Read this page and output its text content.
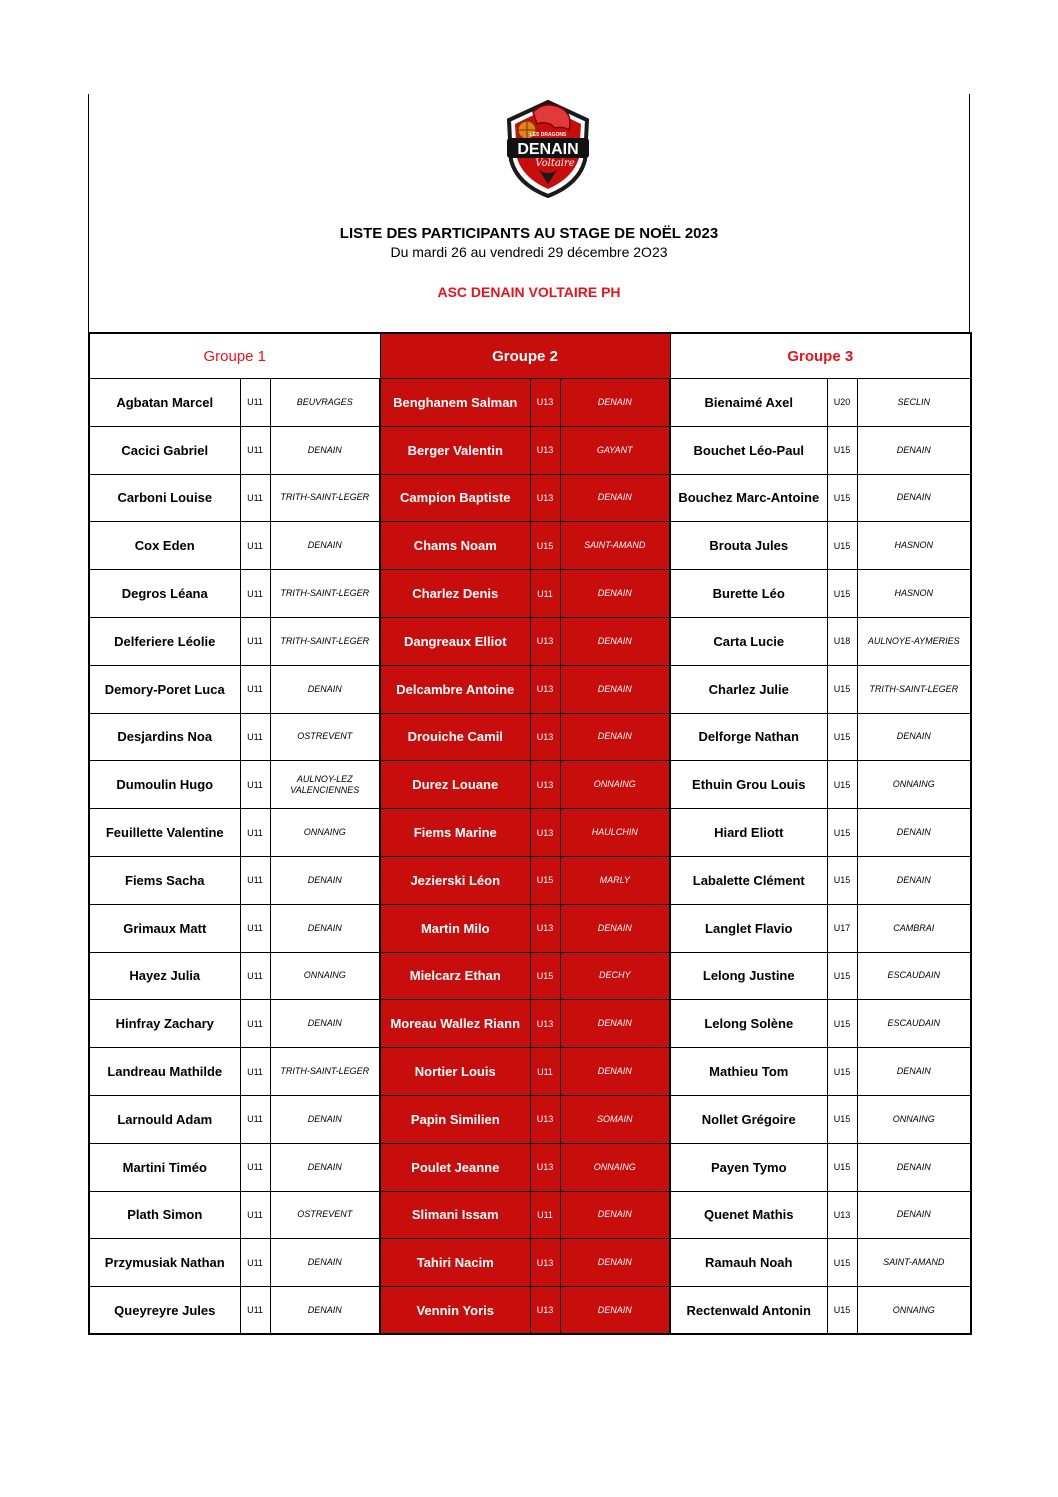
DENAIN
LES DRAGONS
Voltaire
LISTE DES PARTICIPANTS AU STAGE DE NOËL 2023
Du mardi 26 au vendredi 29 décembre 2O23
ASC DENAIN VOLTAIRE PH
Groupe 1			Groupe 2			Groupe 3		
Agbatan Marcel	U11	BEUVRAGES	Benghanem Salman	U13	DENAIN	Bienaimé Axel	U20	SECLIN
Cacici Gabriel	U11	DENAIN	Berger Valentin	U13	GAYANT	Bouchet Léo-Paul	U15	DENAIN
Carboni Louise	U11	TRITH-SAINT-LEGER	Campion Baptiste	U13	DENAIN	Bouchez Marc-Antoine	U15	DENAIN
Cox Eden	U11	DENAIN	Chams Noam	U15	SAINT-AMAND	Brouta Jules	U15	HASNON
Degros Léana	U11	TRITH-SAINT-LEGER	Charlez Denis	U11	DENAIN	Burette Léo	U15	HASNON
Delferiere Léolie	U11	TRITH-SAINT-LEGER	Dangreaux Elliot	U13	DENAIN	Carta Lucie	U18	AULNOYE-AYMERIES
Demory-Poret Luca	U11	DENAIN	Delcambre Antoine	U13	DENAIN	Charlez Julie	U15	TRITH-SAINT-LEGER
Desjardins Noa	U11	OSTREVENT	Drouiche Camil	U13	DENAIN	Delforge Nathan	U15	DENAIN
Dumoulin Hugo	U11	AULNOY-LEZ VALENCIENNES	Durez Louane	U13	ONNAING	Ethuin Grou Louis	U15	ONNAING
Feuillette Valentine	U11	ONNAING	Fiems Marine	U13	HAULCHIN	Hiard Eliott	U15	DENAIN
Fiems Sacha	U11	DENAIN	Jezierski Léon	U15	MARLY	Labalette Clément	U15	DENAIN
Grimaux Matt	U11	DENAIN	Martin Milo	U13	DENAIN	Langlet Flavio	U17	CAMBRAI
Hayez Julia	U11	ONNAING	Mielcarz Ethan	U15	DECHY	Lelong Justine	U15	ESCAUDAIN
Hinfray Zachary	U11	DENAIN	Moreau Wallez Riann	U13	DENAIN	Lelong Solène	U15	ESCAUDAIN
Landreau Mathilde	U11	TRITH-SAINT-LEGER	Nortier Louis	U11	DENAIN	Mathieu Tom	U15	DENAIN
Larnould Adam	U11	DENAIN	Papin Similien	U13	SOMAIN	Nollet Grégoire	U15	ONNAING
Martini Timéo	U11	DENAIN	Poulet Jeanne	U13	ONNAING	Payen Tymo	U15	DENAIN
Plath Simon	U11	OSTREVENT	Slimani Issam	U11	DENAIN	Quenet Mathis	U13	DENAIN
Przymusiak Nathan	U11	DENAIN	Tahiri Nacim	U13	DENAIN	Ramauh Noah	U15	SAINT-AMAND
Queyreyre Jules	U11	DENAIN	Vennin Yoris	U13	DENAIN	Rectenwald Antonin	U15	ONNAING
